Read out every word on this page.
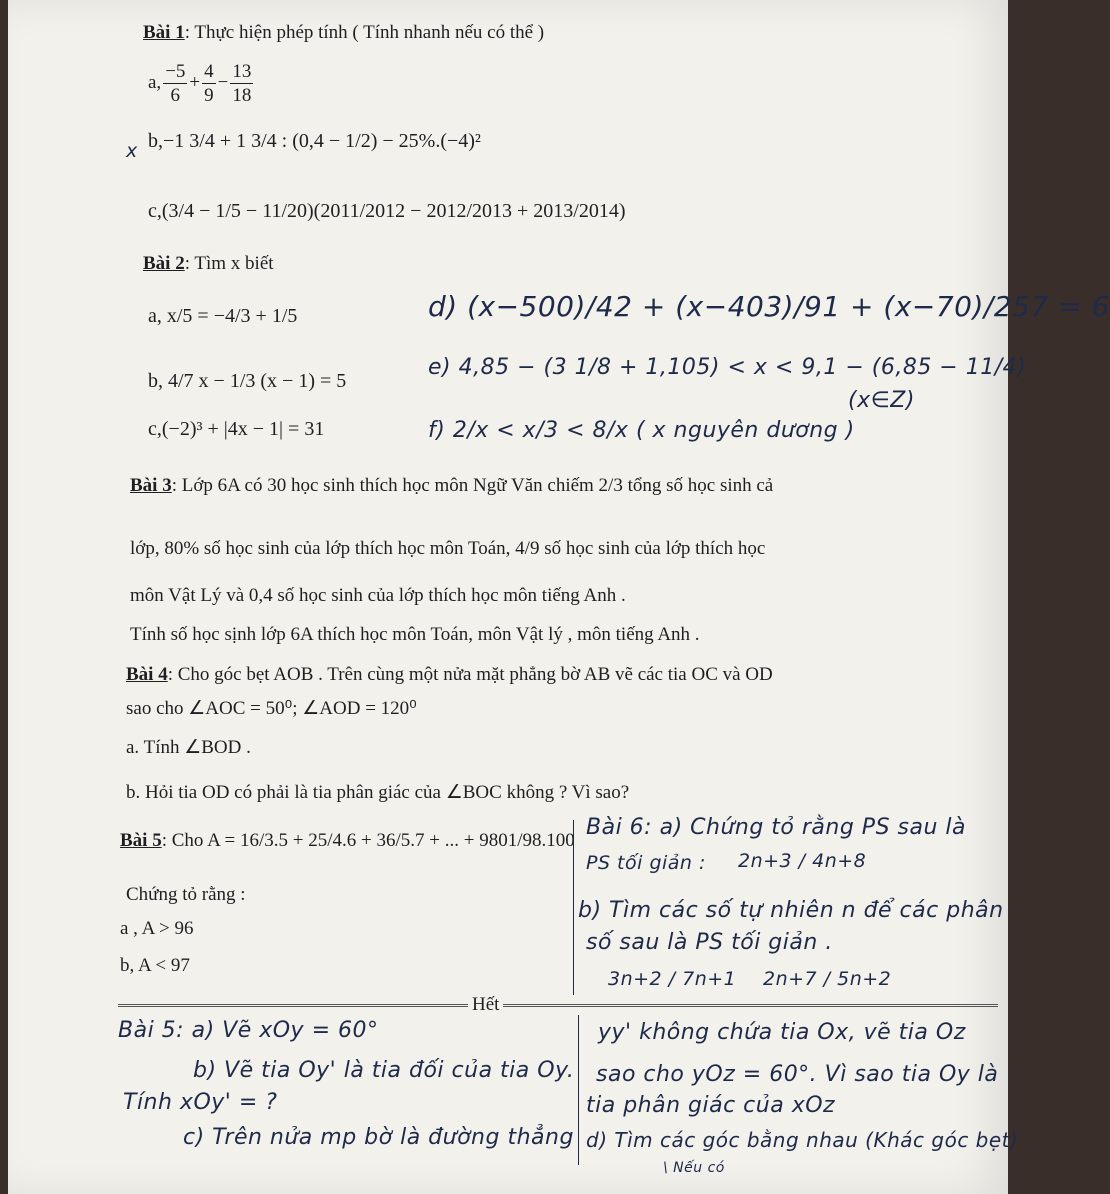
Bài 1: Thực hiện phép tính ( Tính nhanh nếu có thể )
a, $\frac{-5}{6} + \frac{4}{9} - \frac{13}{18}$
x b,−1 3/4 + 1 3/4 : (0,4 − 1/2) − 25%.(−4)²
c,(3/4 − 1/5 − 11/20)(2011/2012 − 2012/2013 + 2013/2014)
Bài 2: Tìm x biết
a, x/5 = −4/3 + 1/5
b, 4/7 x − 1/3 (x − 1) = 5
c,(−2)³ + |4x − 1| = 31
d) (x−500)/42 + (x−403)/91 + (x−70)/257 = 6
e) 4,85 − (3 1/8 + 1,105) < x < 9,1 − (6,85 − 11/4)
(x∈Z)
f) 2/x < x/3 < 8/x ( x nguyên dương )
Bài 3: Lớp 6A có 30 học sinh thích học môn Ngữ Văn chiếm 2/3 tổng số học sinh cả
lớp, 80% số học sinh của lớp thích học môn Toán, 4/9 số học sinh của lớp thích học
môn Vật Lý và 0,4 số học sinh của lớp thích học môn tiếng Anh .
Tính số học sịnh lớp 6A thích học môn Toán, môn Vật lý , môn tiếng Anh .
Bài 4: Cho góc bẹt AOB . Trên cùng một nửa mặt phẳng bờ AB vẽ các tia OC và OD
sao cho ∠AOC = 50⁰; ∠AOD = 120⁰
a. Tính ∠BOD .
b. Hỏi tia OD có phải là tia phân giác của ∠BOC không ? Vì sao?
Bài 5: Cho A = 16/3.5 + 25/4.6 + 36/5.7 + ... + 9801/98.100
Chứng tỏ rằng :
a , A > 96
b, A < 97
Bài 6: a) Chứng tỏ rằng PS sau là
PS tối giản : 2n+3 / 4n+8
b) Tìm các số tự nhiên n để các phân
số sau là PS tối giản .
3n+2 / 7n+1 2n+7 / 5n+2
Hết
Bài 5: a) Vẽ xOy = 60°
b) Vẽ tia Oy' là tia đối của tia Oy.
Tính xOy' = ?
c) Trên nửa mp bờ là đường thẳng
yy' không chứa tia Ox, vẽ tia Oz
sao cho yOz = 60°. Vì sao tia Oy là
tia phân giác của xOz
d) Tìm các góc bằng nhau (Khác góc bẹt)
\ Nếu có
